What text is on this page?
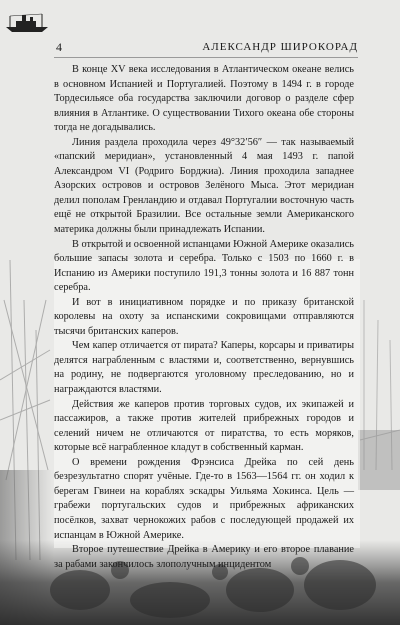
4	АЛЕКСАНДР ШИРОКОРАД

В конце XV века исследования в Атлантическом океане велись в основном Испанией и Португалией. Поэтому в 1494 г. в городе Тордесильясе оба государства заключили договор о разделе сфер влияния в Атлантике. О существовании Тихого океана обе стороны тогда не догадывались.

Линия раздела проходила через 49°32′56″ — так называемый «папский меридиан», установленный 4 мая 1493 г. папой Александром VI (Родриго Борджиа). Линия проходила западнее Азорских островов и островов Зелёного Мыса. Этот меридиан делил пополам Гренландию и отдавал Португалии восточную часть ещё не открытой Бразилии. Все остальные земли Американского материка должны были принадлежать Испании.

В открытой и освоенной испанцами Южной Америке оказались большие запасы золота и серебра. Только с 1503 по 1660 г. в Испанию из Америки поступило 191,3 тонны золота и 16 887 тонн серебра.

И вот в инициативном порядке и по приказу британской королевы на охоту за испанскими сокровищами отправляются тысячи британских каперов.

Чем капер отличается от пирата? Каперы, корсары и приватиры делятся награбленным с властями и, соответственно, вернувшись на родину, не подвергаются уголовному преследованию, но и награждаются властями.

Действия же каперов против торговых судов, их экипажей и пассажиров, а также против жителей прибрежных городов и селений ничем не отличаются от пиратства, то есть моряков, которые всё награбленное кладут в собственный карман.

О времени рождения Фрэнсиса Дрейка по сей день безрезультатно спорят учёные. Где-то в 1563—1564 гг. он ходил к берегам Гвинеи на кораблях эскадры Уильяма Хокинса. Цель — грабежи португальских судов и прибрежных африканских посёлков, захват чернокожих рабов с последующей продажей их испанцам в Южной Америке.

Второе путешествие Дрейка в Америку и его второе плавание за рабами закончилось злополучным инцидентом
